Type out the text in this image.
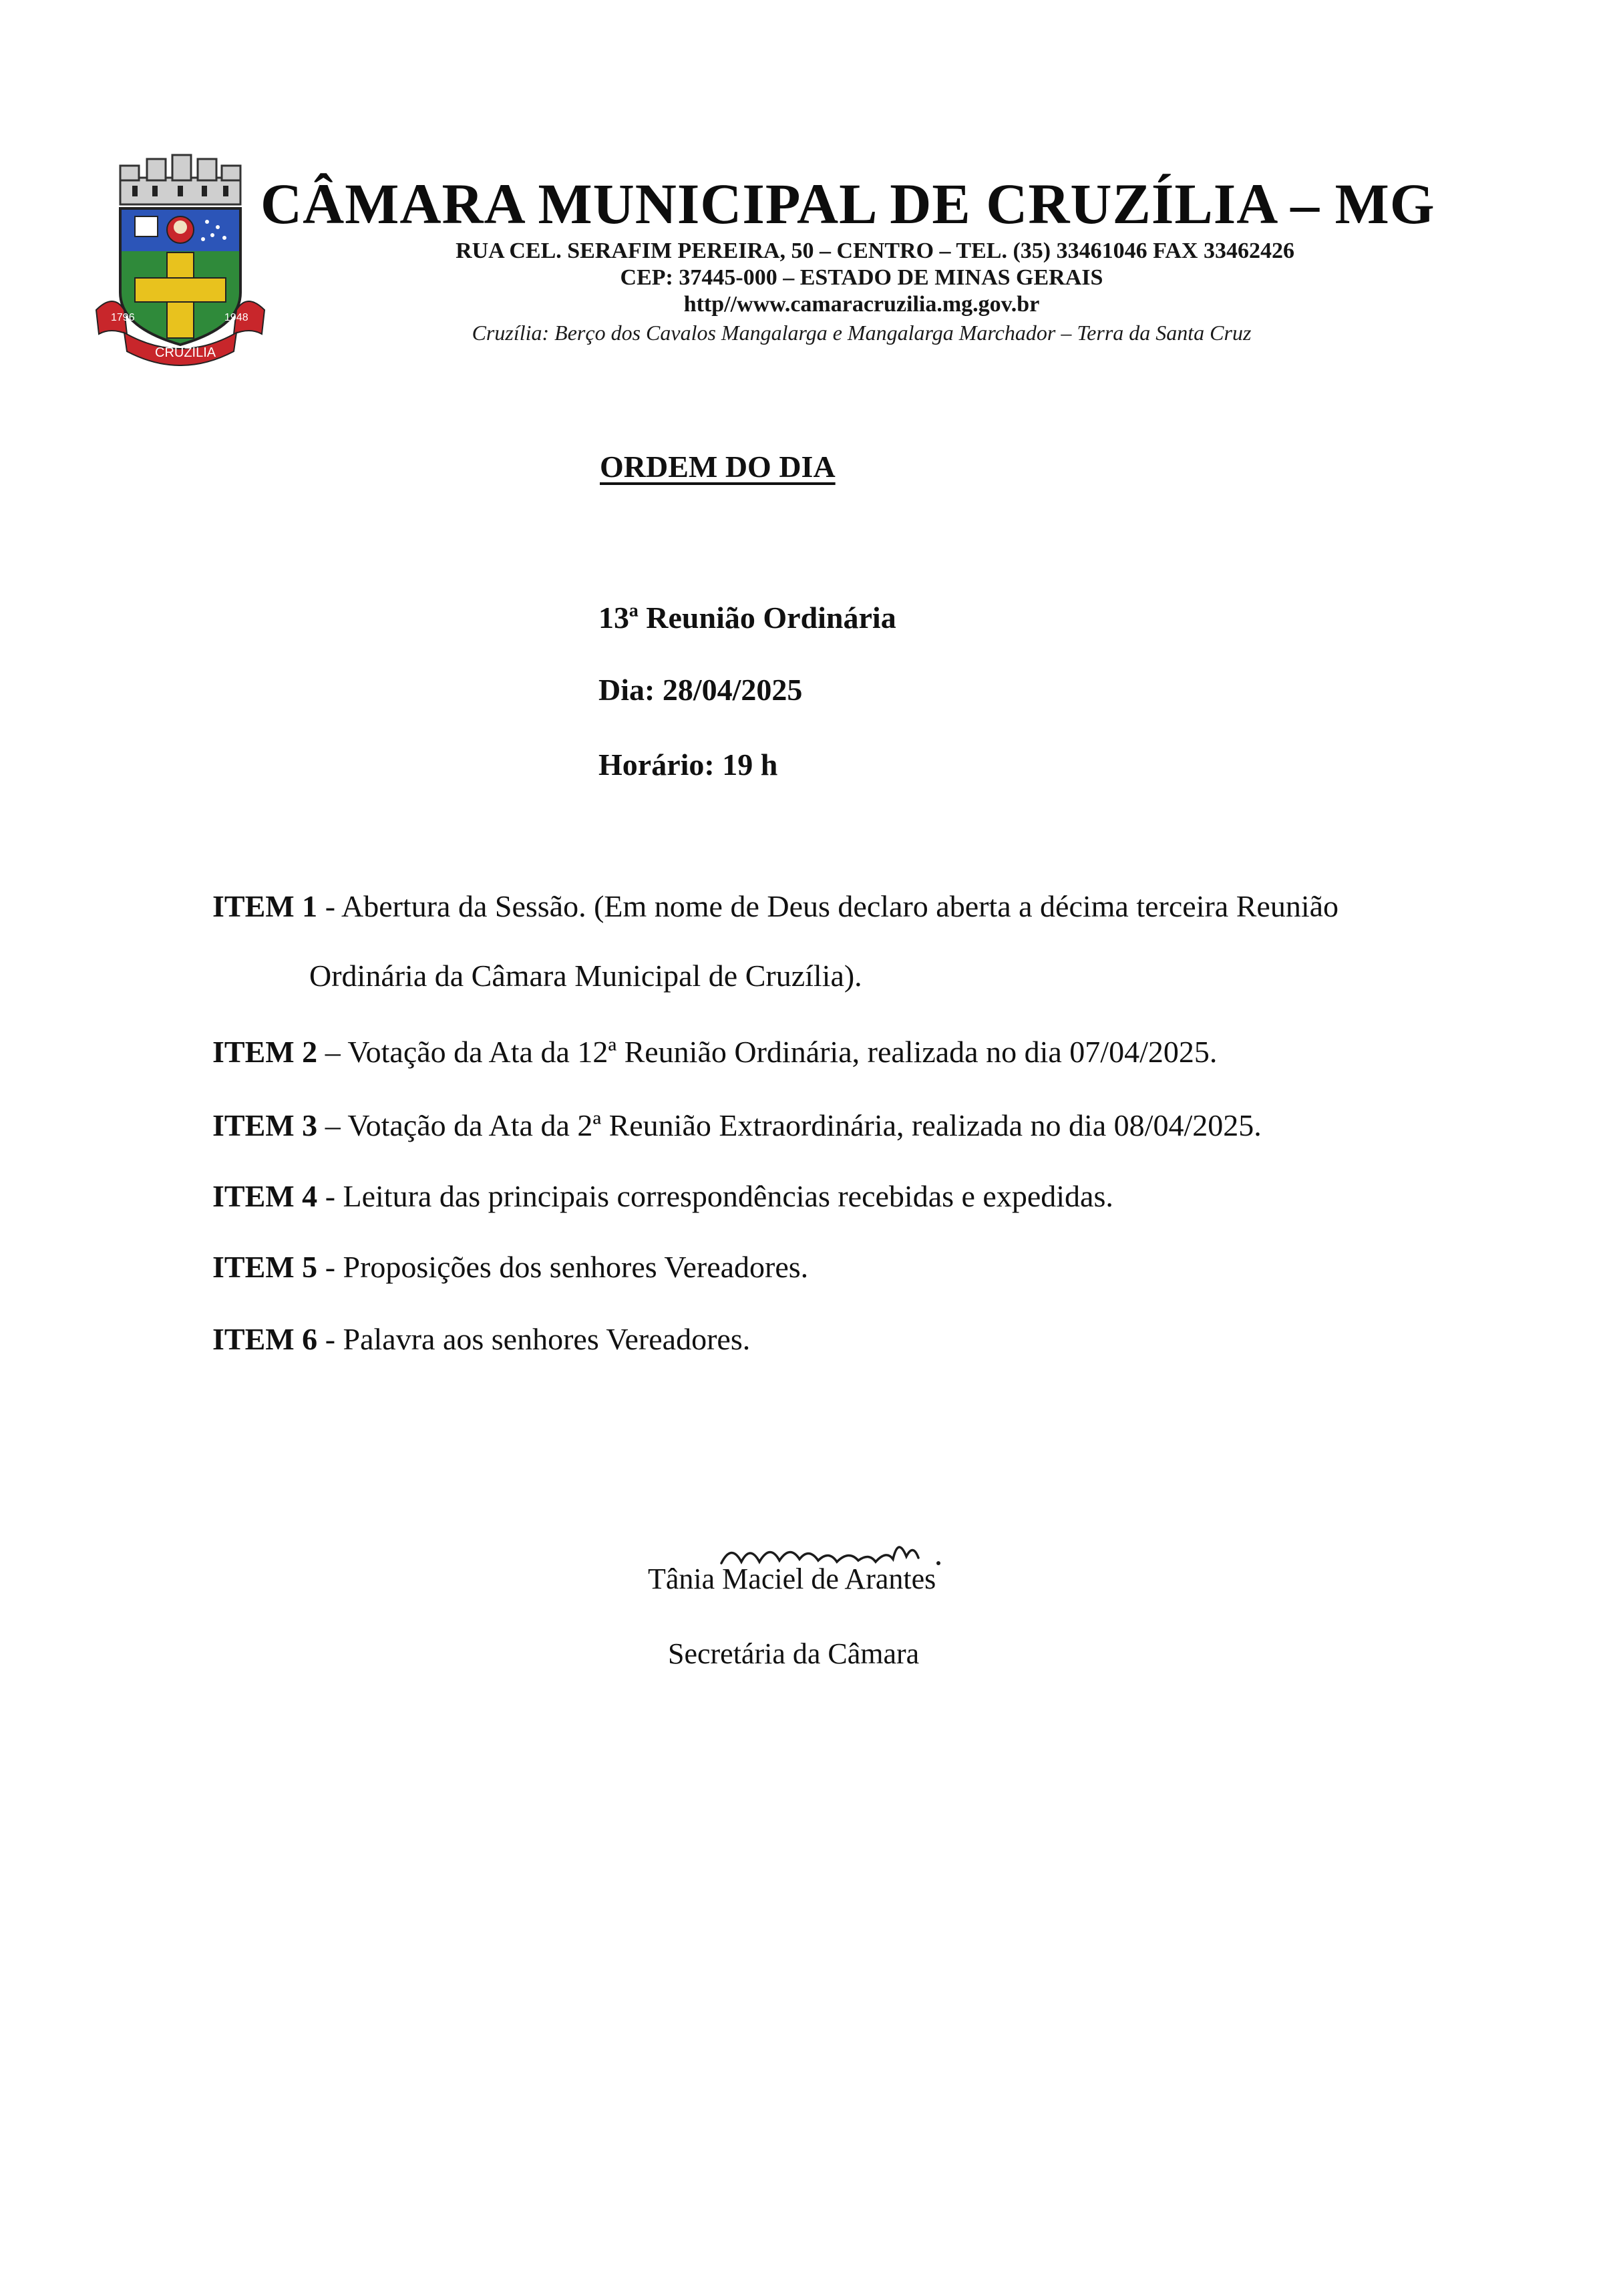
1796	1948
CRUZILIA
CÂMARA MUNICIPAL DE CRUZÍLIA – MG
RUA CEL. SERAFIM PEREIRA, 50 – CENTRO – TEL. (35) 33461046 FAX 33462426
CEP: 37445-000 – ESTADO DE MINAS GERAIS
http//www.camaracruzilia.mg.gov.br
Cruzília: Berço dos Cavalos Mangalarga e Mangalarga Marchador – Terra da Santa Cruz
ORDEM DO DIA
13ª Reunião Ordinária
Dia: 28/04/2025
Horário: 19 h
ITEM 1 - Abertura da Sessão. (Em nome de Deus declaro aberta a décima terceira Reunião
Ordinária da Câmara Municipal de Cruzília).
ITEM 2 – Votação da Ata da 12ª Reunião Ordinária, realizada no dia 07/04/2025.
ITEM 3 – Votação da Ata da 2ª Reunião Extraordinária, realizada no dia 08/04/2025.
ITEM 4 - Leitura das principais correspondências recebidas e expedidas.
ITEM 5 - Proposições dos senhores Vereadores.
ITEM 6 - Palavra aos senhores Vereadores.
Tânia Maciel de Arantes
Secretária da Câmara
